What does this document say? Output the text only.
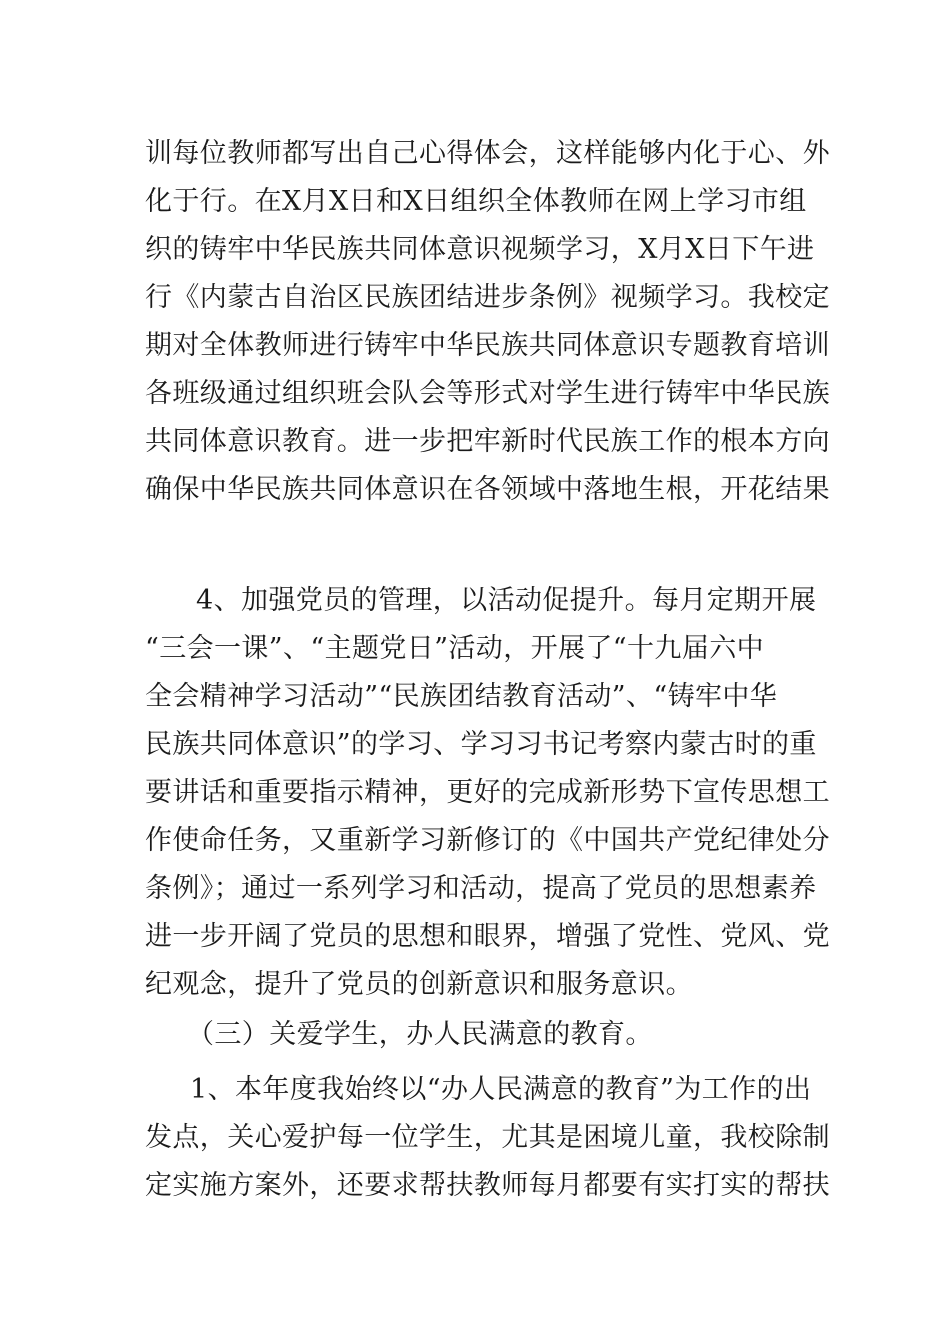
训每位教师都写出自己心得体会，这样能够内化于心、外
化于行。在X月X日和X日组织全体教师在网上学习市组
织的铸牢中华民族共同体意识视频学习，X月X日下午进
行《内蒙古自治区民族团结进步条例》视频学习。我校定
期对全体教师进行铸牢中华民族共同体意识专题教育培训
各班级通过组织班会队会等形式对学生进行铸牢中华民族
共同体意识教育。进一步把牢新时代民族工作的根本方向
确保中华民族共同体意识在各领域中落地生根，开花结果
4、加强党员的管理，以活动促提升。每月定期开展
“三会一课”、“主题党日”活动，开展了“十九届六中
全会精神学习活动”“民族团结教育活动”、“铸牢中华
民族共同体意识”的学习、学习习书记考察内蒙古时的重
要讲话和重要指示精神，更好的完成新形势下宣传思想工
作使命任务，又重新学习新修订的《中国共产党纪律处分
条例》；通过一系列学习和活动，提高了党员的思想素养
进一步开阔了党员的思想和眼界，增强了党性、党风、党
纪观念，提升了党员的创新意识和服务意识。
（三）关爱学生，办人民满意的教育。
1、本年度我始终以“办人民满意的教育”为工作的出
发点，关心爱护每一位学生，尤其是困境儿童，我校除制
定实施方案外，还要求帮扶教师每月都要有实打实的帮扶
